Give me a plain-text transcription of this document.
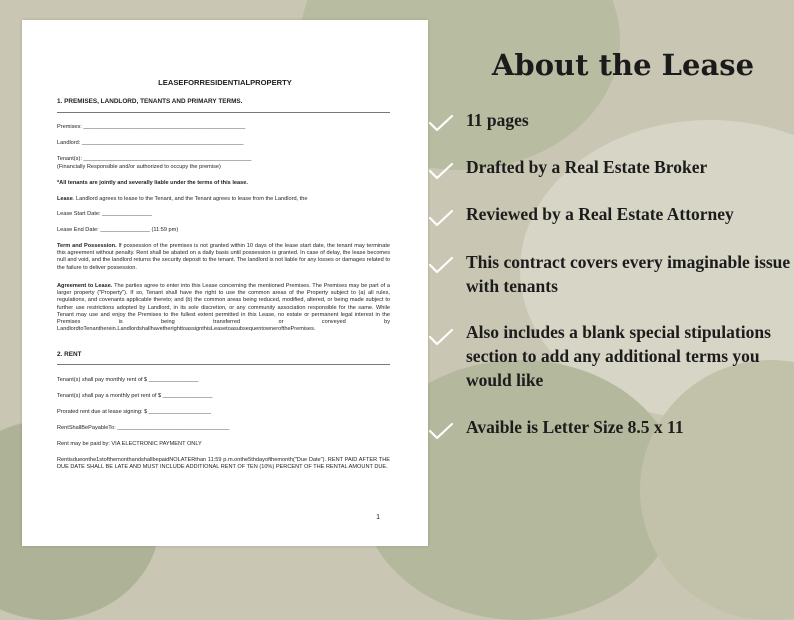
LEASEFORRESIDENTIALPROPERTY
1. PREMISES, LANDLORD, TENANTS AND PRIMARY TERMS.
Premises: ____________________________________________________
Landlord: ____________________________________________________
Tenant(s): ______________________________________________________
(Financially Responsible and/or authorized to occupy the premise)
*All tenants are jointly and severally liable under the terms of this lease.
Lease. Landlord agrees to lease to the Tenant, and the Tenant agrees to lease from the Landlord, the
Lease Start Date: ________________
Lease End Date: ________________ (11:59 pm)
Term and Possession. If possession of the premises is not granted within 10 days of the lease start date, the tenant may terminate this agreement without penalty. Rent shall be abated on a daily basis until possession is granted. In case of delay, the lease becomes null and void, and the landlord returns the security deposit to the tenant. The landlord is not liable for any losses or damages related to the failure to deliver possession.
Agreement to Lease. The parties agree to enter into this Lease concerning the mentioned Premises. The Premises may be part of a larger property ("Property"). If so, Tenant shall have the right to use the common areas of the Property subject to (a) all rules, regulations, and covenants applicable thereto; and (b) the common areas being reduced, modified, altered, or being made subject to further use restrictions adopted by Landlord, in its sole discretion, or any community association responsible for the same. While Tenant may use and enjoy the Premises to the fullest extent permitted in this Lease, no estate or permanent legal interest in the Premises is being transferred or conveyed by LandlordtoTenantherein.LandlordshallhavetherighttoassignthisLeasetoasubsequentownerofthePremises.
2. RENT
Tenant(s) shall pay monthly rent of $ ________________
Tenant(s) shall pay a monthly pet rent of $ ________________
Prorated rent due at lease signing: $ ____________________
RentShallBePayableTo: ____________________________________
Rent may be paid by: VIA ELECTRONIC PAYMENT ONLY
Rentisdueonthe1stofthemonthandshallbepaidNOLATERthan 11:59 p.m.onthe5thdayofthemonth("Due Date"). RENT PAID AFTER THE DUE DATE SHALL BE LATE AND MUST INCLUDE ADDITIONAL RENT OF TEN (10%) PERCENT OF THE RENTAL AMOUNT DUE.
1
About the Lease
11 pages
Drafted by a Real Estate Broker
Reviewed by a Real Estate Attorney
This contract covers every imaginable issue with tenants
Also includes a blank special stipulations section to add any additional terms you would like
Avaible is Letter Size 8.5 x 11
